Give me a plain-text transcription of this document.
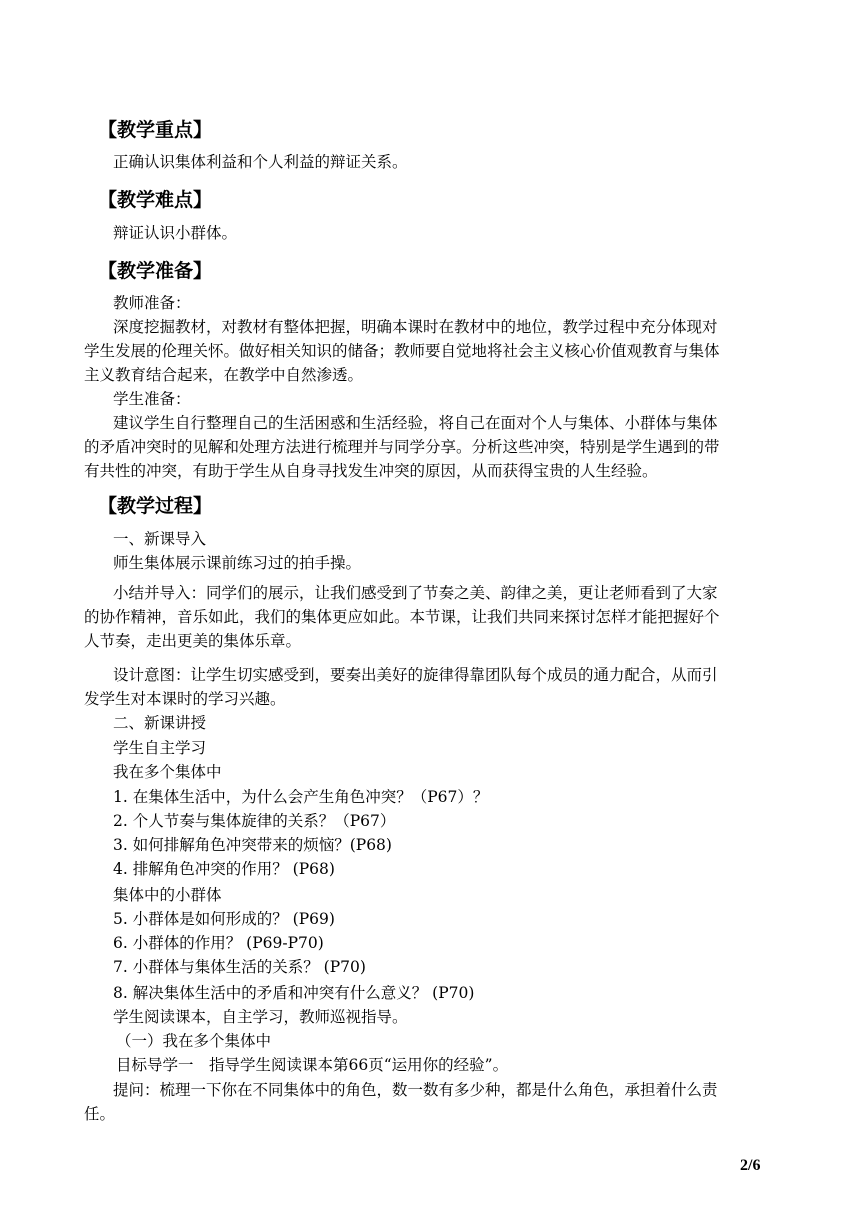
【教学重点】
正确认识集体利益和个人利益的辩证关系。
【教学难点】
辩证认识小群体。
【教学准备】
教师准备：
深度挖掘教材，对教材有整体把握，明确本课时在教材中的地位，教学过程中充分体现对
学生发展的伦理关怀。做好相关知识的储备；教师要自觉地将社会主义核心价值观教育与集体
主义教育结合起来，在教学中自然渗透。
学生准备：
建议学生自行整理自己的生活困惑和生活经验，将自己在面对个人与集体、小群体与集体
的矛盾冲突时的见解和处理方法进行梳理并与同学分享。分析这些冲突，特别是学生遇到的带
有共性的冲突，有助于学生从自身寻找发生冲突的原因，从而获得宝贵的人生经验。
【教学过程】
一、新课导入
师生集体展示课前练习过的拍手操。
小结并导入：同学们的展示，让我们感受到了节奏之美、韵律之美，更让老师看到了大家
的协作精神，音乐如此，我们的集体更应如此。本节课，让我们共同来探讨怎样才能把握好个
人节奏，走出更美的集体乐章。
设计意图：让学生切实感受到，要奏出美好的旋律得靠团队每个成员的通力配合，从而引
发学生对本课时的学习兴趣。
二、新课讲授
学生自主学习
我在多个集体中
1. 在集体生活中，为什么会产生角色冲突？（P67）？
2. 个人节奏与集体旋律的关系？（P67）
3. 如何排解角色冲突带来的烦恼？(P68)
4. 排解角色冲突的作用？ (P68)
集体中的小群体
5. 小群体是如何形成的？ (P69)
6. 小群体的作用？ (P69-P70)
7. 小群体与集体生活的关系？ (P70)
8. 解决集体生活中的矛盾和冲突有什么意义？ (P70)
学生阅读课本，自主学习，教师巡视指导。
（一）我在多个集体中
目标导学一　指导学生阅读课本第66页“运用你的经验”。
提问：梳理一下你在不同集体中的角色，数一数有多少种，都是什么角色，承担着什么责
任。
2/6
